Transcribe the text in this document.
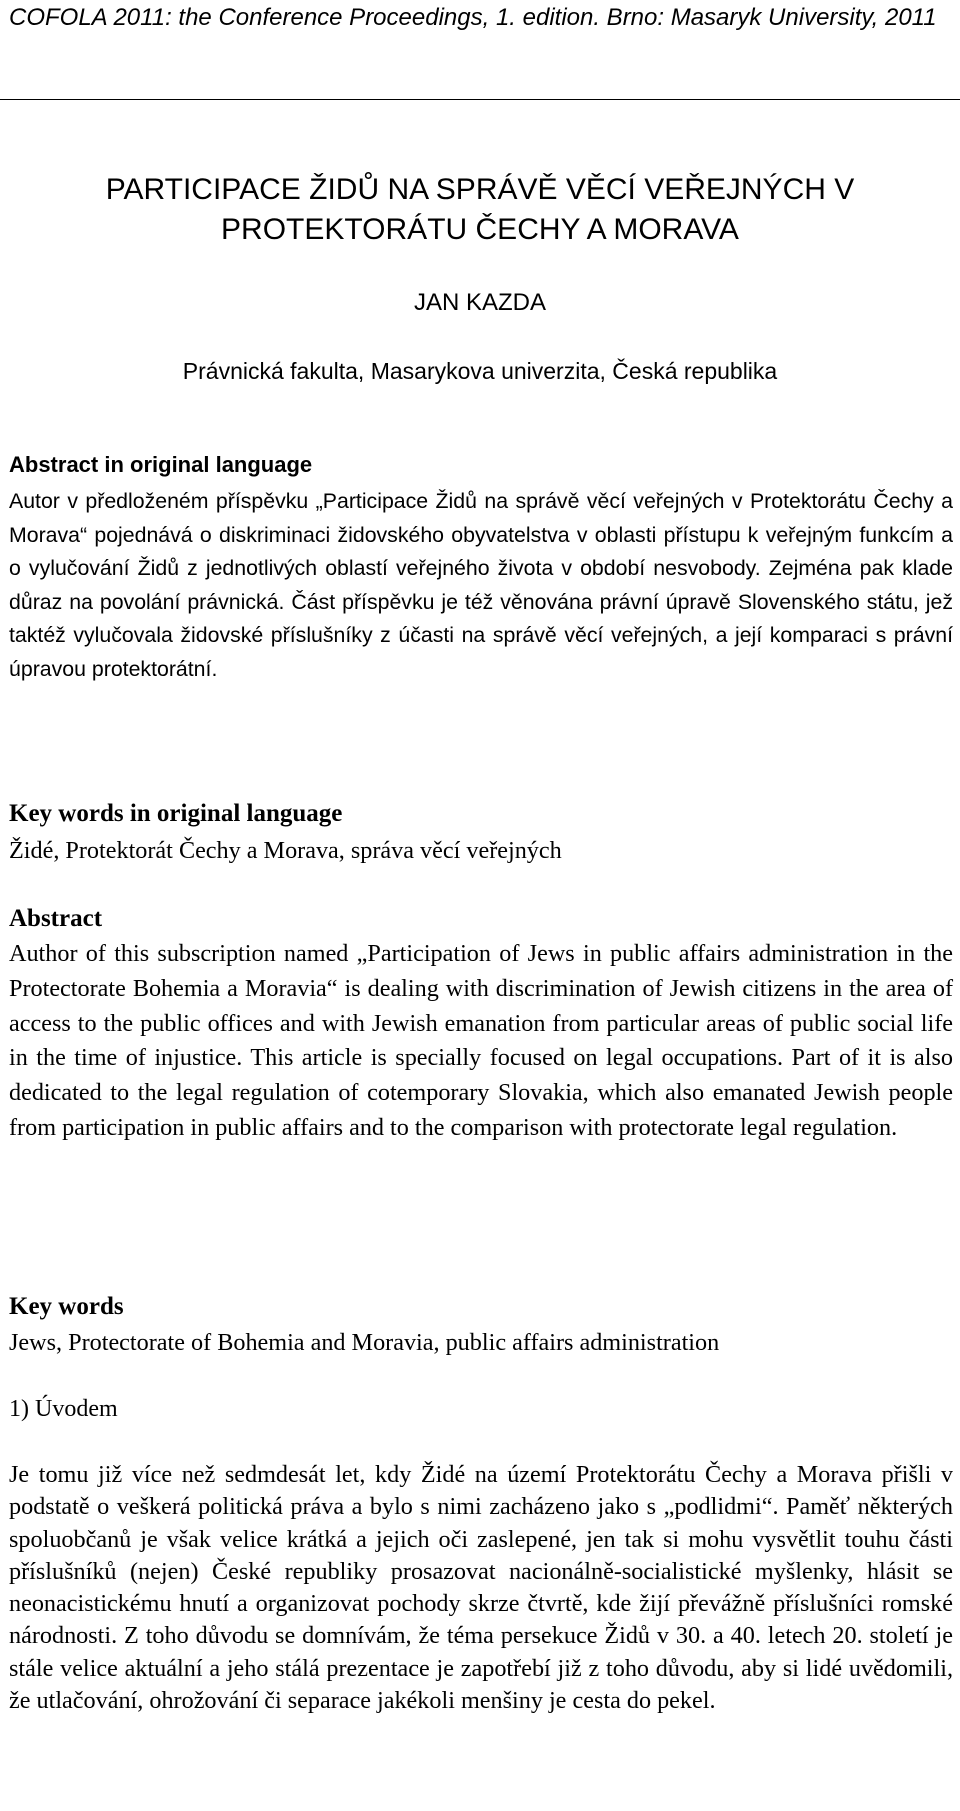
COFOLA 2011: the Conference Proceedings, 1. edition. Brno: Masaryk University, 2011
PARTICIPACE ŽIDŮ NA SPRÁVĚ VĚCÍ VEŘEJNÝCH V
PROTEKTORÁTU ČECHY A MORAVA
JAN KAZDA
Právnická fakulta, Masarykova univerzita, Česká republika
Abstract in original language
Autor v předloženém příspěvku „Participace Židů na správě věcí veřejných v Protektorátu Čechy a Morava“ pojednává o diskriminaci židovského obyvatelstva v oblasti přístupu k veřejným funkcím a o vylučování Židů z jednotlivých oblastí veřejného života v období nesvobody. Zejména pak klade důraz na povolání právnická. Část příspěvku je též věnována právní úpravě Slovenského státu, jež taktéž vylučovala židovské příslušníky z účasti na správě věcí veřejných, a její komparaci s právní úpravou protektorátní.
Key words in original language
Židé, Protektorát Čechy a Morava, správa věcí veřejných
Abstract
Author of this subscription named „Participation of Jews in public affairs administration in the Protectorate Bohemia a Moravia“ is dealing with discrimination of Jewish citizens in the area of access to the public offices and with Jewish emanation from particular areas of public social life in the time of injustice. This article is specially focused on legal occupations. Part of it is also dedicated to the legal regulation of cotemporary Slovakia, which also emanated Jewish people from participation in public affairs and to the comparison with protectorate legal regulation.
Key words
Jews, Protectorate of Bohemia and Moravia, public affairs administration
1) Úvodem
Je tomu již více než sedmdesát let, kdy Židé na území Protektorátu Čechy a Morava přišli v podstatě o veškerá politická práva a bylo s nimi zacházeno jako s „podlidmi“. Paměť některých spoluobčanů je však velice krátká a jejich oči zaslepené, jen tak si mohu vysvětlit touhu části příslušníků (nejen) České republiky prosazovat nacionálně-socialistické myšlenky, hlásit se neonacistickému hnutí a organizovat pochody skrze čtvrtě, kde žijí převážně příslušníci romské národnosti. Z toho důvodu se domnívám, že téma persekuce Židů v 30. a 40. letech 20. století je stále velice aktuální a jeho stálá prezentace je zapotřebí již z toho důvodu, aby si lidé uvědomili, že utlačování, ohrožování či separace jakékoli menšiny je cesta do pekel.
